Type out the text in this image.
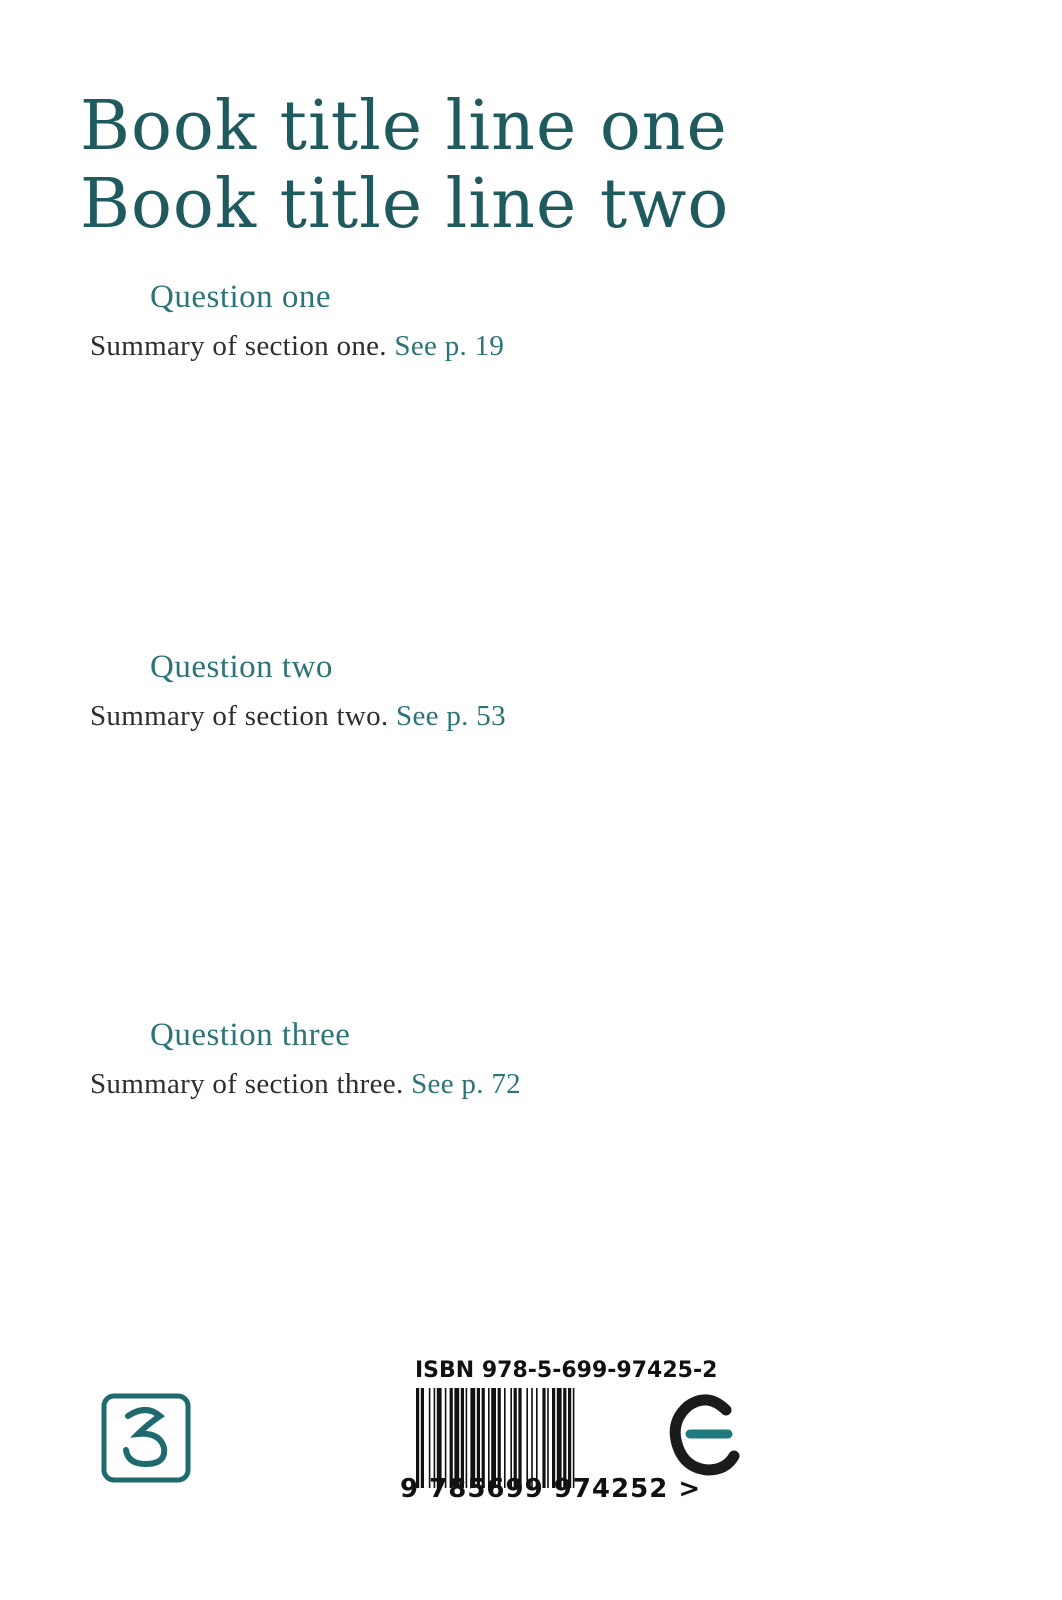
Book title line one
Book title line two
Question one
Summary of section one. See p. 19
Question two
Summary of section two. See p. 53
Question three
Summary of section three. See p. 72
ISBN 978-5-699-97425-2
9 785699 974252 >
